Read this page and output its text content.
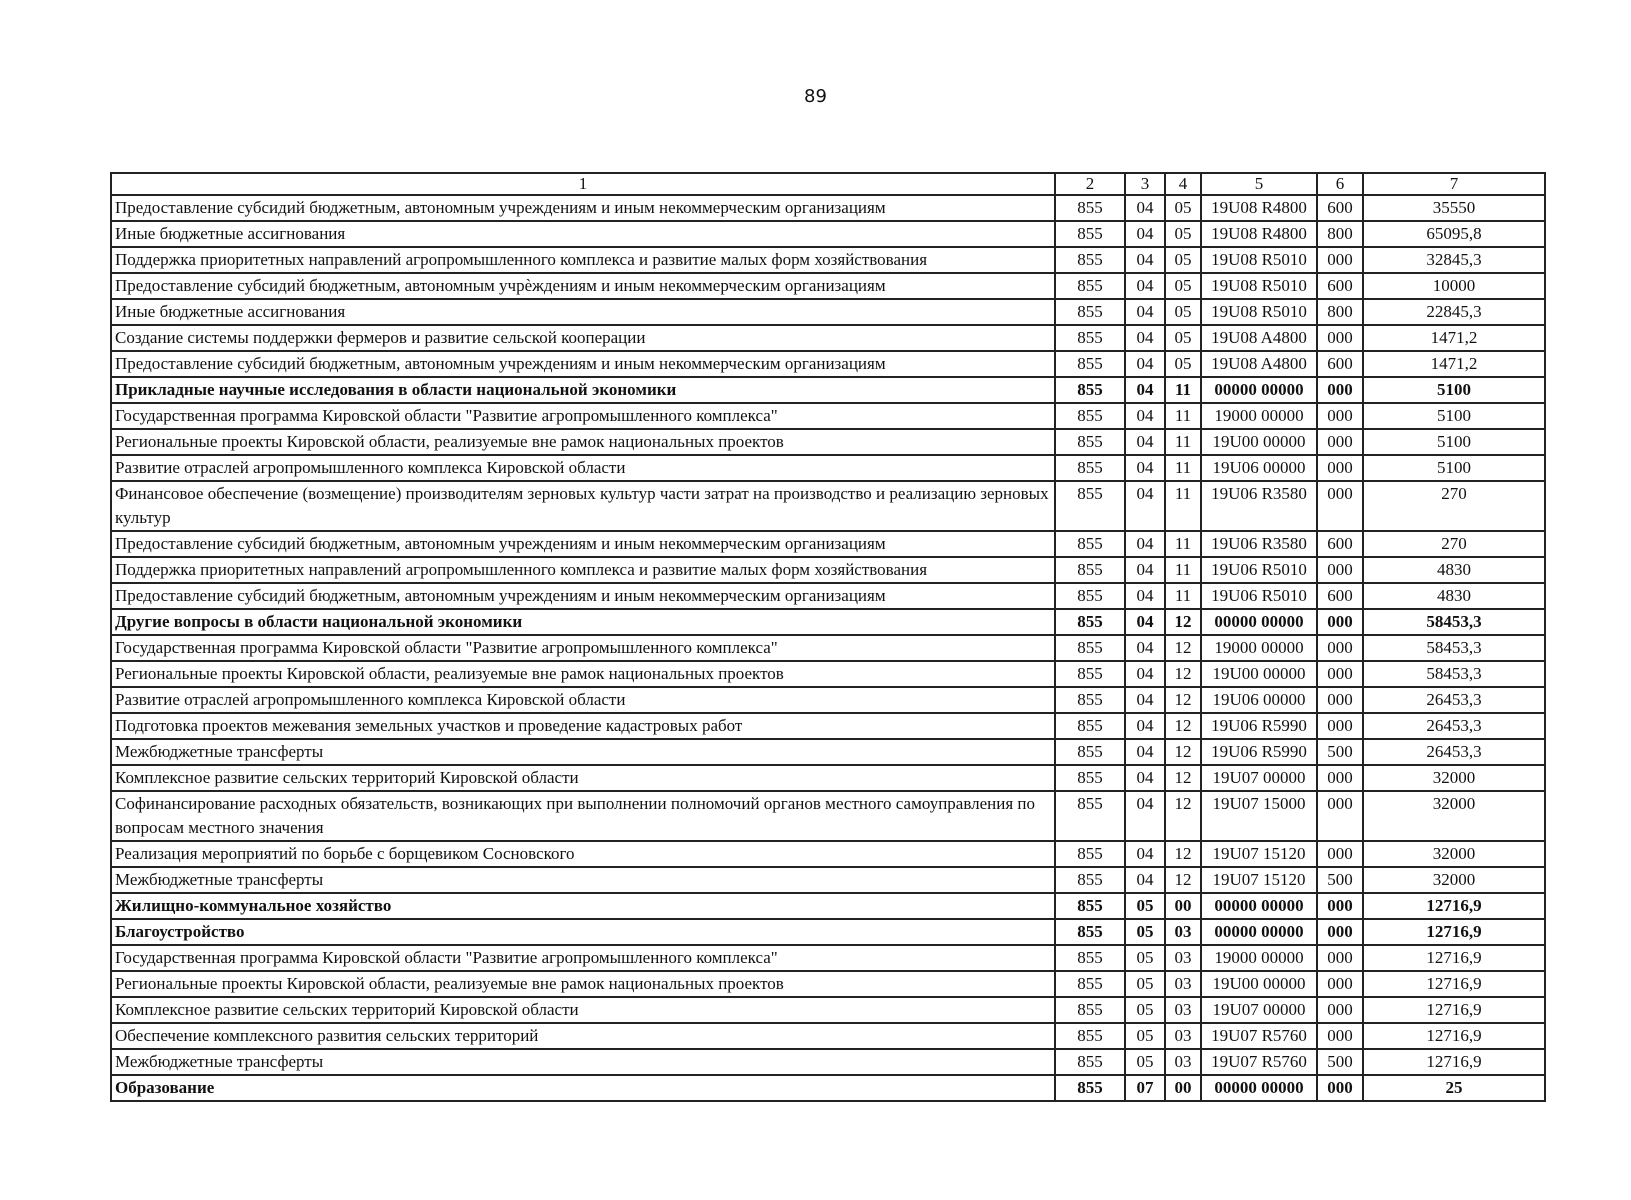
89
1	2	3	4	5	6	7
Предоставление субсидий бюджетным, автономным учреждениям и иным некоммерческим организациям	855	04	05	19U08 R4800	600	35550
Иные бюджетные ассигнования	855	04	05	19U08 R4800	800	65095,8
Поддержка приоритетных направлений агропромышленного комплекса и развитие малых форм хозяйствования	855	04	05	19U08 R5010	000	32845,3
Предоставление субсидий бюджетным, автономным учрѐждениям и иным некоммерческим организациям	855	04	05	19U08 R5010	600	10000
Иные бюджетные ассигнования	855	04	05	19U08 R5010	800	22845,3
Создание системы поддержки фермеров и развитие сельской кооперации	855	04	05	19U08 A4800	000	1471,2
Предоставление субсидий бюджетным, автономным учреждениям и иным некоммерческим организациям	855	04	05	19U08 A4800	600	1471,2
Прикладные научные исследования в области национальной экономики	855	04	11	00000 00000	000	5100
Государственная программа Кировской области "Развитие агропромышленного комплекса"	855	04	11	19000 00000	000	5100
Региональные проекты Кировской области, реализуемые вне рамок национальных проектов	855	04	11	19U00 00000	000	5100
Развитие отраслей агропромышленного комплекса Кировской области	855	04	11	19U06 00000	000	5100
Финансовое обеспечение (возмещение) производителям зерновых культур части затрат на производство и реализацию зерновых культур	855	04	11	19U06 R3580	000	270
Предоставление субсидий бюджетным, автономным учреждениям и иным некоммерческим организациям	855	04	11	19U06 R3580	600	270
Поддержка приоритетных направлений агропромышленного комплекса и развитие малых форм хозяйствования	855	04	11	19U06 R5010	000	4830
Предоставление субсидий бюджетным, автономным учреждениям и иным некоммерческим организациям	855	04	11	19U06 R5010	600	4830
Другие вопросы в области национальной экономики	855	04	12	00000 00000	000	58453,3
Государственная программа Кировской области "Развитие агропромышленного комплекса"	855	04	12	19000 00000	000	58453,3
Региональные проекты Кировской области, реализуемые вне рамок национальных проектов	855	04	12	19U00 00000	000	58453,3
Развитие отраслей агропромышленного комплекса Кировской области	855	04	12	19U06 00000	000	26453,3
Подготовка проектов межевания земельных участков и проведение кадастровых работ	855	04	12	19U06 R5990	000	26453,3
Межбюджетные трансферты	855	04	12	19U06 R5990	500	26453,3
Комплексное развитие сельских территорий Кировской области	855	04	12	19U07 00000	000	32000
Софинансирование расходных обязательств, возникающих при выполнении полномочий органов местного самоуправления по вопросам местного значения	855	04	12	19U07 15000	000	32000
Реализация мероприятий по борьбе с борщевиком Сосновского	855	04	12	19U07 15120	000	32000
Межбюджетные трансферты	855	04	12	19U07 15120	500	32000
Жилищно-коммунальное хозяйство	855	05	00	00000 00000	000	12716,9
Благоустройство	855	05	03	00000 00000	000	12716,9
Государственная программа Кировской области "Развитие агропромышленного комплекса"	855	05	03	19000 00000	000	12716,9
Региональные проекты Кировской области, реализуемые вне рамок национальных проектов	855	05	03	19U00 00000	000	12716,9
Комплексное развитие сельских территорий Кировской области	855	05	03	19U07 00000	000	12716,9
Обеспечение комплексного развития сельских территорий	855	05	03	19U07 R5760	000	12716,9
Межбюджетные трансферты	855	05	03	19U07 R5760	500	12716,9
Образование	855	07	00	00000 00000	000	25
